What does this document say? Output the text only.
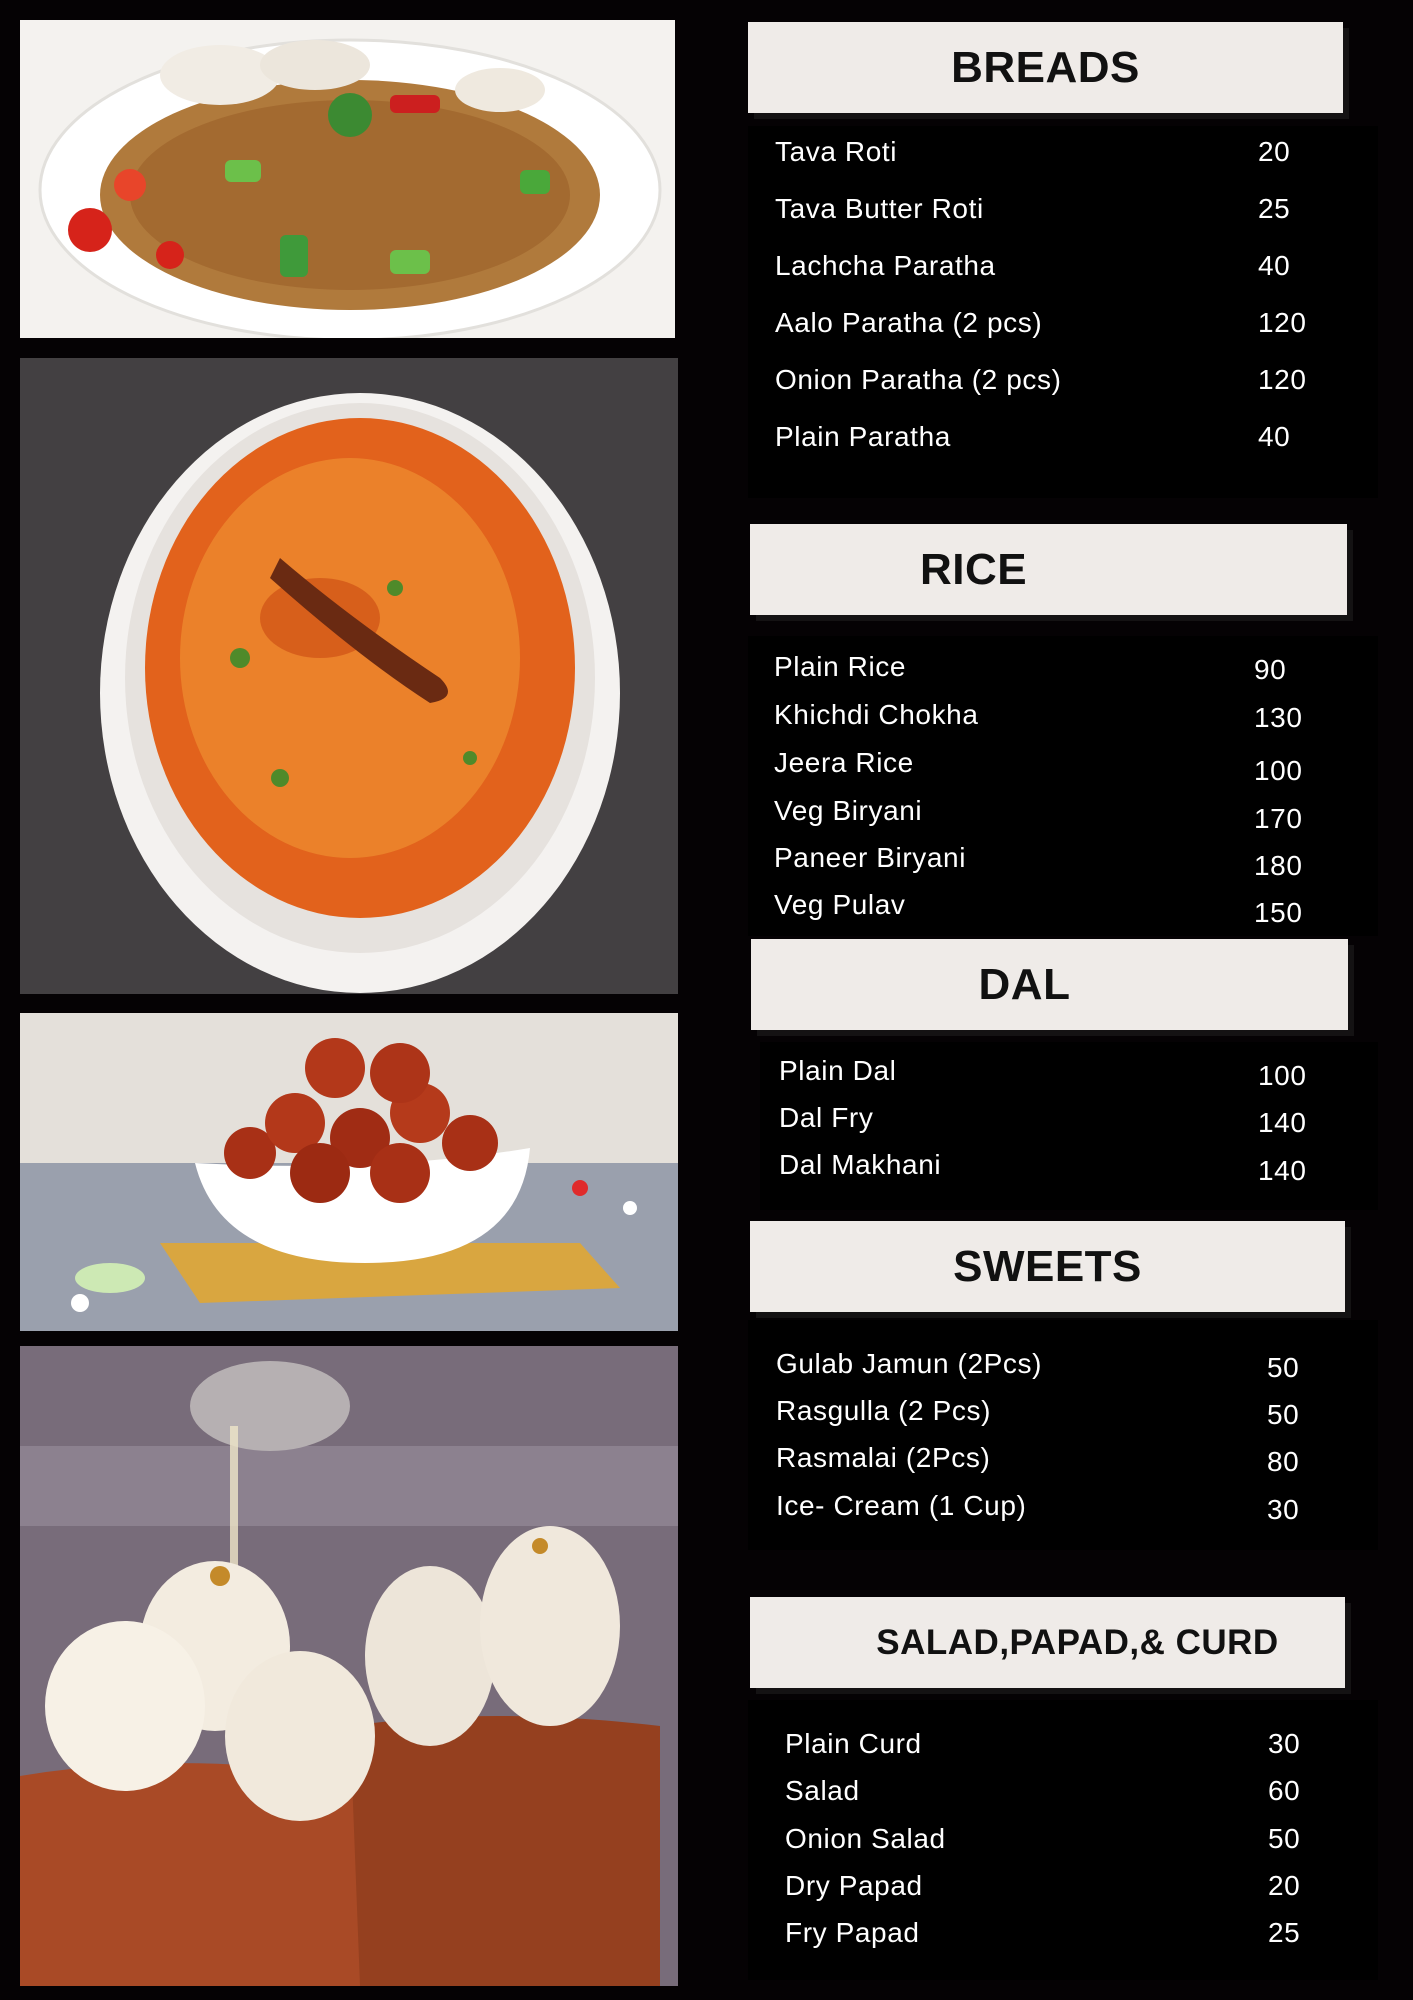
BREADS
Tava Roti	20
Tava Butter Roti	25
Lachcha Paratha	40
Aalo Paratha (2 pcs)	120
Onion Paratha (2 pcs)	120
Plain Paratha	40
RICE
Plain Rice	90
Khichdi Chokha	130
Jeera Rice	100
Veg Biryani	170
Paneer Biryani	180
Veg Pulav	150
DAL
Plain Dal	100
Dal Fry	140
Dal Makhani	140
SWEETS
Gulab Jamun (2Pcs)	50
Rasgulla (2 Pcs)	50
Rasmalai (2Pcs)	80
Ice- Cream (1 Cup)	30
SALAD,PAPAD,& CURD
Plain Curd	30
Salad	60
Onion Salad	50
Dry Papad	20
Fry Papad	25
